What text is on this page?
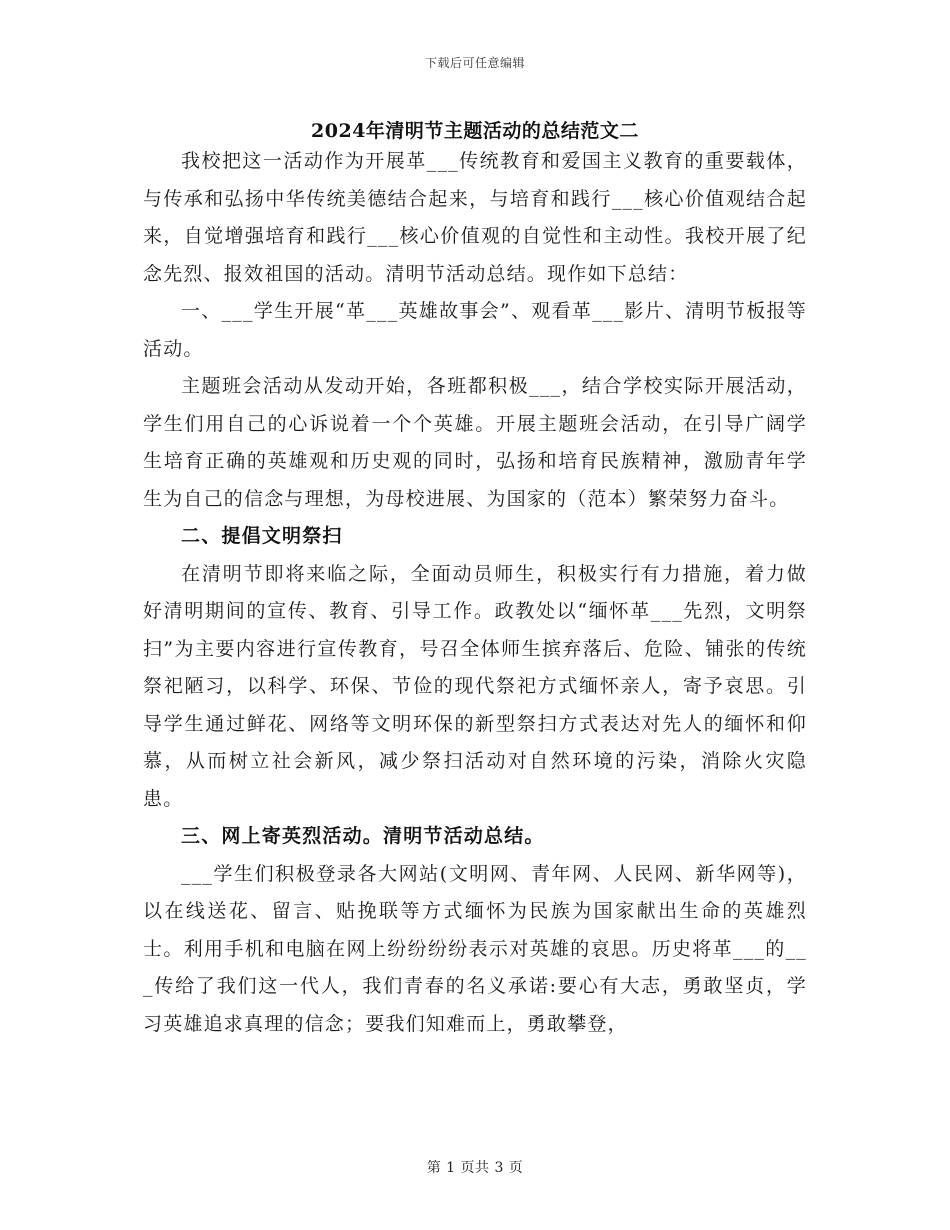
下载后可任意编辑
2024年清明节主题活动的总结范文二

我校把这一活动作为开展革___传统教育和爱国主义教育的重要载体，与传承和弘扬中华传统美德结合起来，与培育和践行___核心价值观结合起来，自觉增强培育和践行___核心价值观的自觉性和主动性。我校开展了纪念先烈、报效祖国的活动。清明节活动总结。现作如下总结：

一、___学生开展“革___英雄故事会”、观看革___影片、清明节板报等活动。

主题班会活动从发动开始，各班都积极___，结合学校实际开展活动，学生们用自己的心诉说着一个个英雄。开展主题班会活动，在引导广阔学生培育正确的英雄观和历史观的同时，弘扬和培育民族精神，激励青年学生为自己的信念与理想，为母校进展、为国家的（范本）繁荣努力奋斗。

二、提倡文明祭扫

在清明节即将来临之际，全面动员师生，积极实行有力措施，着力做好清明期间的宣传、教育、引导工作。政教处以“缅怀革___先烈，文明祭扫”为主要内容进行宣传教育，号召全体师生摈弃落后、危险、铺张的传统祭祀陋习，以科学、环保、节俭的现代祭祀方式缅怀亲人，寄予哀思。引导学生通过鲜花、网络等文明环保的新型祭扫方式表达对先人的缅怀和仰慕，从而树立社会新风，减少祭扫活动对自然环境的污染，消除火灾隐患。

三、网上寄英烈活动。清明节活动总结。

___学生们积极登录各大网站(文明网、青年网、人民网、新华网等)，以在线送花、留言、贴挽联等方式缅怀为民族为国家献出生命的英雄烈士。利用手机和电脑在网上纷纷纷纷表示对英雄的哀思。历史将革___的___传给了我们这一代人，我们青春的名义承诺:要心有大志，勇敢坚贞，学习英雄追求真理的信念；要我们知难而上，勇敢攀登，

第 1 页共 3 页
